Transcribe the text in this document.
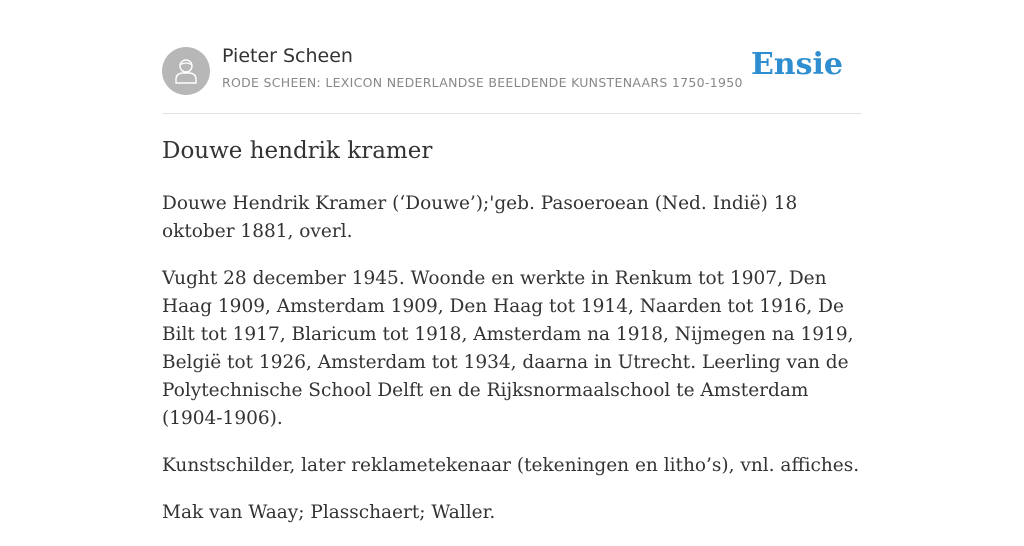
Pieter Scheen
RODE SCHEEN: LEXICON NEDERLANDSE BEELDENDE KUNSTENAARS 1750-1950
Ensie
Douwe hendrik kramer

Douwe Hendrik Kramer (‘Douwe’);'geb. Pasoeroean (Ned. Indië) 18 oktober 1881, overl.

Vught 28 december 1945. Woonde en werkte in Renkum tot 1907, Den Haag 1909, Amsterdam 1909, Den Haag tot 1914, Naarden tot 1916, De Bilt tot 1917, Blaricum tot 1918, Amsterdam na 1918, Nijmegen na 1919, België tot 1926, Amsterdam tot 1934, daarna in Utrecht. Leerling van de Polytechnische School Delft en de Rijksnormaalschool te Amsterdam (1904-1906).

Kunstschilder, later reklametekenaar (tekeningen en litho’s), vnl. affiches.

Mak van Waay; Plasschaert; Waller.
